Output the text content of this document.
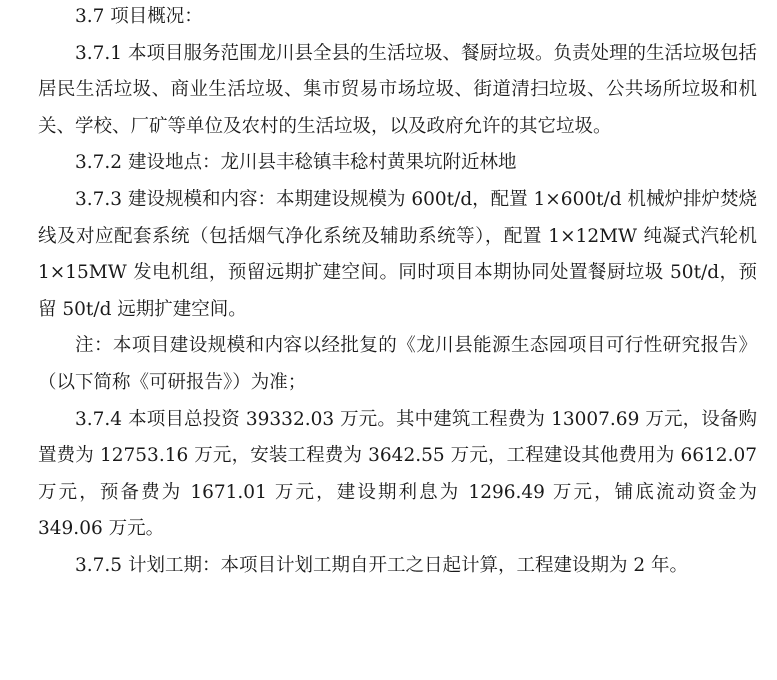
3.7 项目概况：

3.7.1 本项目服务范围龙川县全县的生活垃圾、餐厨垃圾。负责处理的生活垃圾包括居民生活垃圾、商业生活垃圾、集市贸易市场垃圾、街道清扫垃圾、公共场所垃圾和机关、学校、厂矿等单位及农村的生活垃圾，以及政府允许的其它垃圾。

3.7.2 建设地点：龙川县丰稔镇丰稔村黄果坑附近林地

3.7.3 建设规模和内容：本期建设规模为 600t/d，配置 1×600t/d 机械炉排炉焚烧线及对应配套系统（包括烟气净化系统及辅助系统等），配置 1×12MW 纯凝式汽轮机 1×15MW 发电机组，预留远期扩建空间。同时项目本期协同处置餐厨垃圾 50t/d，预留 50t/d 远期扩建空间。

注：本项目建设规模和内容以经批复的《龙川县能源生态园项目可行性研究报告》（以下简称《可研报告》）为准；

3.7.4 本项目总投资 39332.03 万元。其中建筑工程费为 13007.69 万元，设备购置费为 12753.16 万元，安装工程费为 3642.55 万元，工程建设其他费用为 6612.07 万元，预备费为 1671.01 万元，建设期利息为 1296.49 万元，铺底流动资金为 349.06 万元。

3.7.5 计划工期：本项目计划工期自开工之日起计算，工程建设期为 2 年。
